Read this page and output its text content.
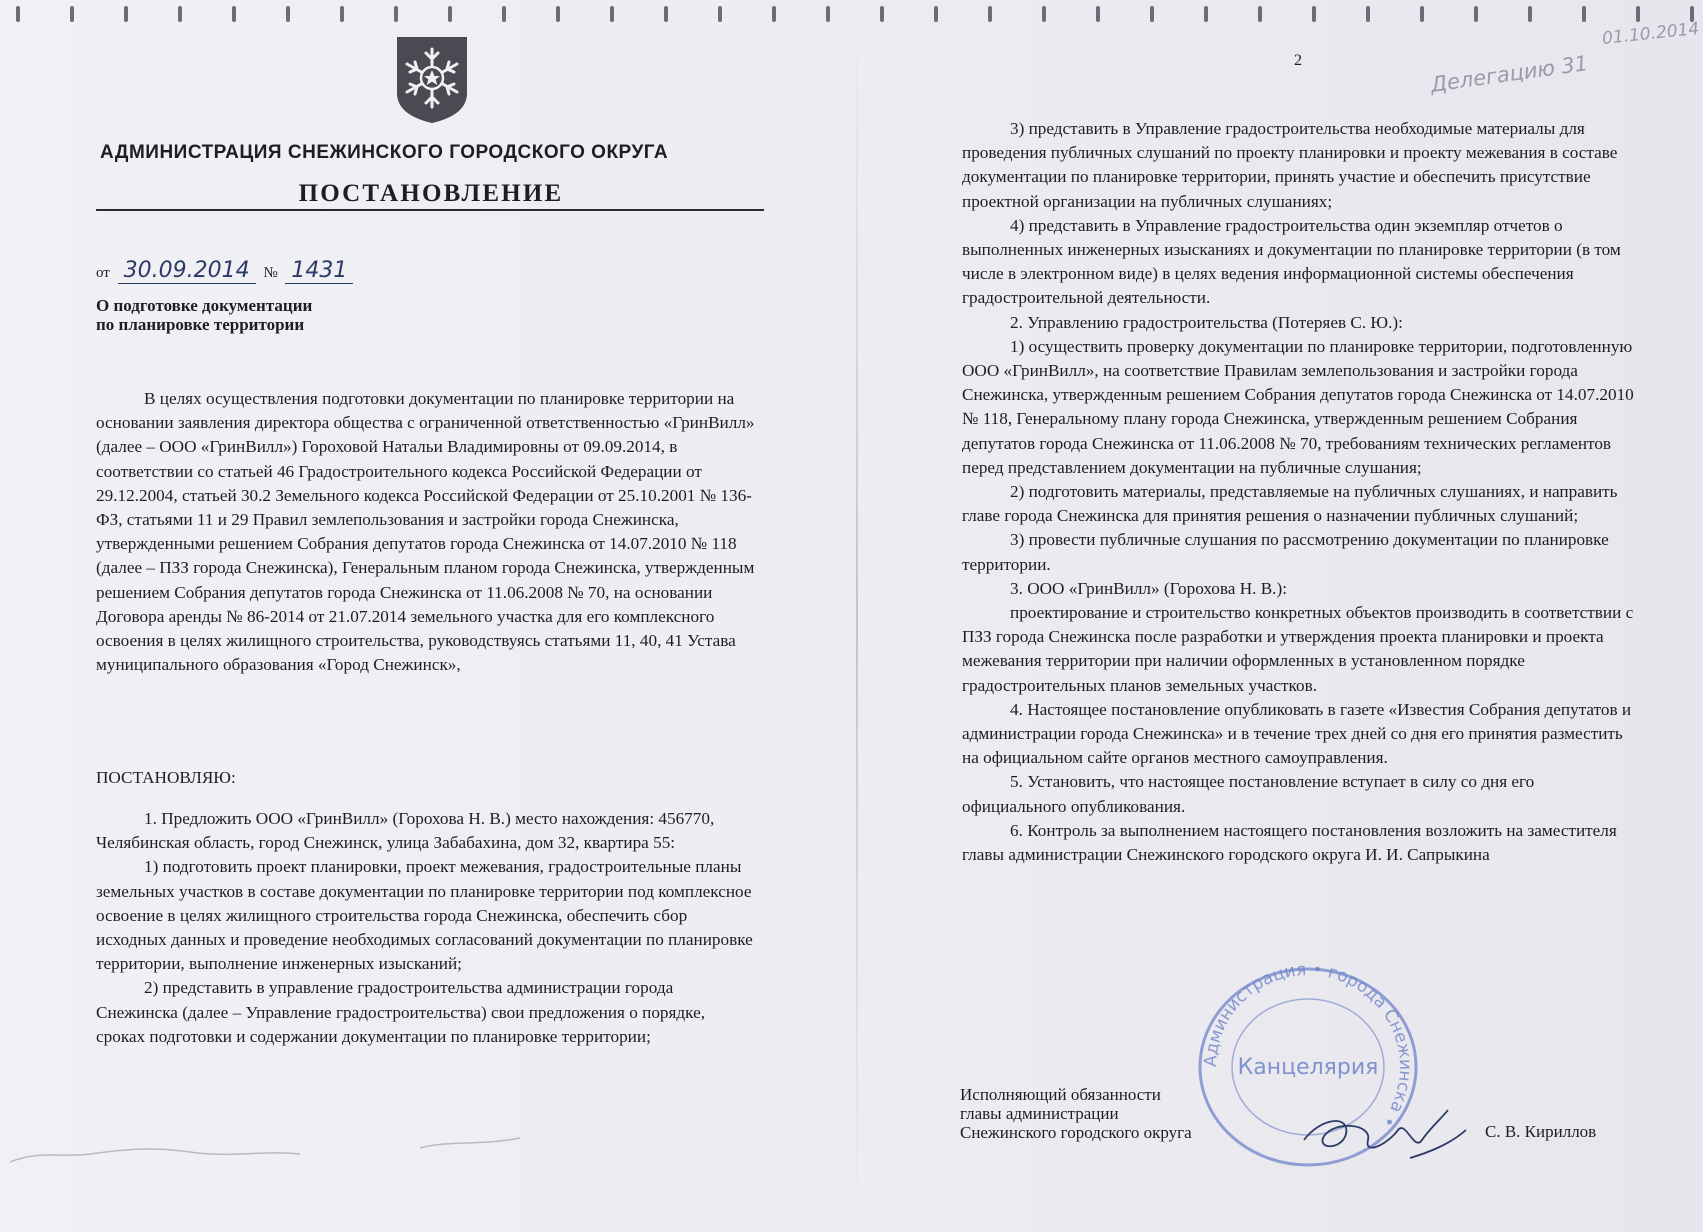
АДМИНИСТРАЦИЯ СНЕЖИНСКОГО ГОРОДСКОГО ОКРУГА
ПОСТАНОВЛЕНИЕ
от 30.09.2014 № 1431
О подготовке документации
по планировке территории

В целях осуществления подготовки документации по планировке территории на основании заявления директора общества с ограниченной ответственностью «ГринВилл» (далее – ООО «ГринВилл») Гороховой Натальи Владимировны от 09.09.2014, в соответствии со статьей 46 Градостроительного кодекса Российской Федерации от 29.12.2004, статьей 30.2 Земельного кодекса Российской Федерации от 25.10.2001 № 136-ФЗ, статьями 11 и 29 Правил землепользования и застройки города Снежинска, утвержденными решением Собрания депутатов города Снежинска от 14.07.2010 № 118 (далее – ПЗЗ города Снежинска), Генеральным планом города Снежинска, утвержденным решением Собрания депутатов города Снежинска от 11.06.2008 № 70, на основании Договора аренды № 86-2014 от 21.07.2014 земельного участка для его комплексного освоения в целях жилищного строительства, руководствуясь статьями 11, 40, 41 Устава муниципального образования «Город Снежинск»,

ПОСТАНОВЛЯЮ:

1. Предложить ООО «ГринВилл» (Горохова Н. В.) место нахождения: 456770, Челябинская область, город Снежинск, улица Забабахина, дом 32, квартира 55:

1) подготовить проект планировки, проект межевания, градостроительные планы земельных участков в составе документации по планировке территории под комплексное освоение в целях жилищного строительства города Снежинска, обеспечить сбор исходных данных и проведение необходимых согласований документации по планировке территории, выполнение инженерных изысканий;

2) представить в управление градостроительства администрации города Снежинска (далее – Управление градостроительства) свои предложения о порядке, сроках подготовки и содержании документации по планировке территории;

2
01.10.2014
Делегацию 31

3) представить в Управление градостроительства необходимые материалы для проведения публичных слушаний по проекту планировки и проекту межевания в составе документации по планировке территории, принять участие и обеспечить присутствие проектной организации на публичных слушаниях;

4) представить в Управление градостроительства один экземпляр отчетов о выполненных инженерных изысканиях и документации по планировке территории (в том числе в электронном виде) в целях ведения информационной системы обеспечения градостроительной деятельности.

2. Управлению градостроительства (Потеряев С. Ю.):

1) осуществить проверку документации по планировке территории, подготовленную ООО «ГринВилл», на соответствие Правилам землепользования и застройки города Снежинска, утвержденным решением Собрания депутатов города Снежинска от 14.07.2010 № 118, Генеральному плану города Снежинска, утвержденным решением Собрания депутатов города Снежинска от 11.06.2008 № 70, требованиям технических регламентов перед представлением документации на публичные слушания;

2) подготовить материалы, представляемые на публичных слушаниях, и направить главе города Снежинска для принятия решения о назначении публичных слушаний;

3) провести публичные слушания по рассмотрению документации по планировке территории.

3. ООО «ГринВилл» (Горохова Н. В.):

проектирование и строительство конкретных объектов производить в соответствии с ПЗЗ города Снежинска после разработки и утверждения проекта планировки и проекта межевания территории при наличии оформленных в установленном порядке градостроительных планов земельных участков.

4. Настоящее постановление опубликовать в газете «Известия Собрания депутатов и администрации города Снежинска» и в течение трех дней со дня его принятия разместить на официальном сайте органов местного самоуправления.

5. Установить, что настоящее постановление вступает в силу со дня его официального опубликования.

6. Контроль за выполнением настоящего постановления возложить на заместителя главы администрации Снежинского городского округа И. И. Сапрыкина

Исполняющий обязанности
главы администрации
Снежинского городского округа
Администрация • города Снежинска •
Канцелярия
С. В. Кириллов
